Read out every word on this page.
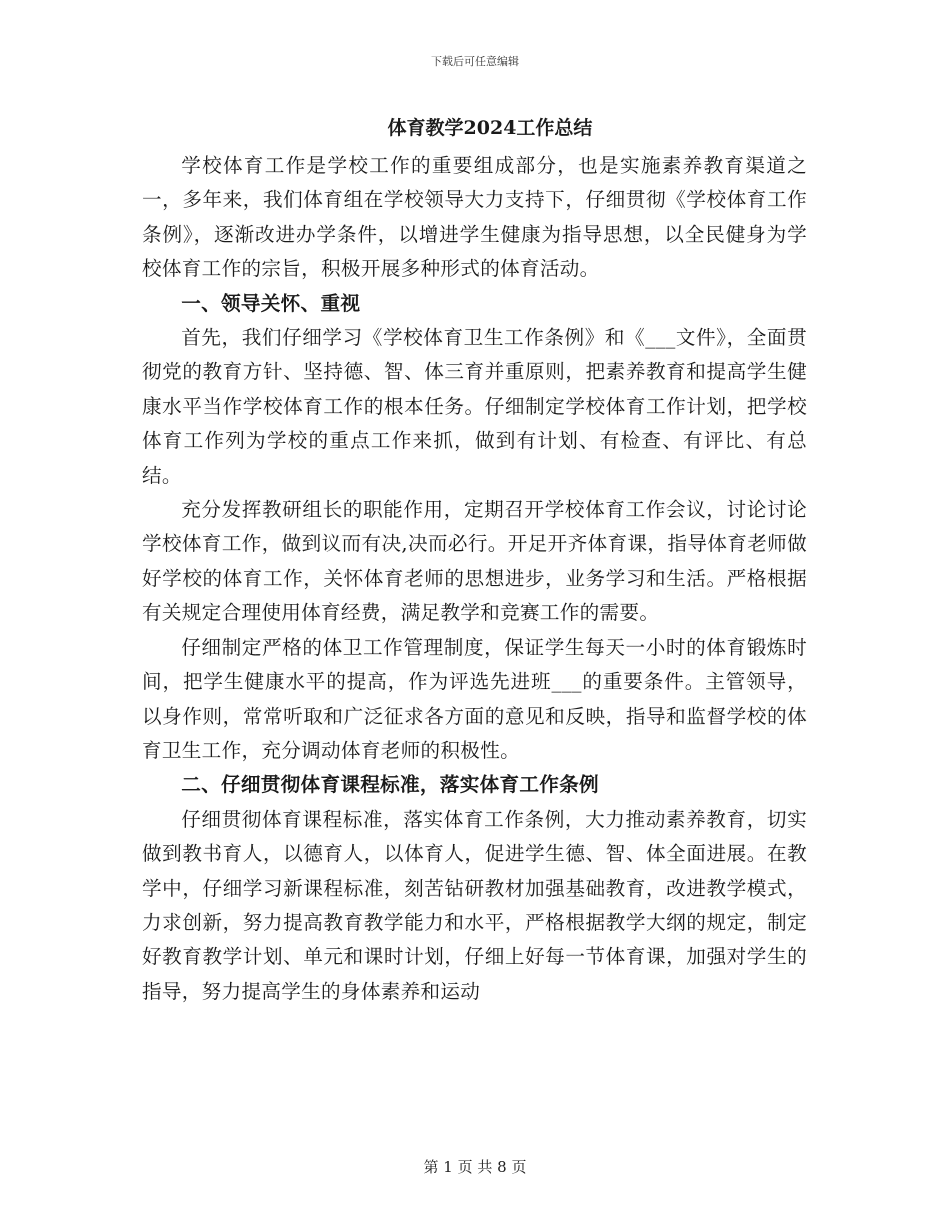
下载后可任意编辑
体育教学2024工作总结

学校体育工作是学校工作的重要组成部分，也是实施素养教育渠道之一，多年来，我们体育组在学校领导大力支持下，仔细贯彻《学校体育工作条例》，逐渐改进办学条件，以增进学生健康为指导思想，以全民健身为学校体育工作的宗旨，积极开展多种形式的体育活动。

一、领导关怀、重视

首先，我们仔细学习《学校体育卫生工作条例》和《___文件》，全面贯彻党的教育方针、坚持德、智、体三育并重原则，把素养教育和提高学生健康水平当作学校体育工作的根本任务。仔细制定学校体育工作计划，把学校体育工作列为学校的重点工作来抓，做到有计划、有检查、有评比、有总结。

充分发挥教研组长的职能作用，定期召开学校体育工作会议，讨论讨论学校体育工作，做到议而有决,决而必行。开足开齐体育课，指导体育老师做好学校的体育工作，关怀体育老师的思想进步，业务学习和生活。严格根据有关规定合理使用体育经费，满足教学和竞赛工作的需要。

仔细制定严格的体卫工作管理制度，保证学生每天一小时的体育锻炼时间，把学生健康水平的提高，作为评选先进班___的重要条件。主管领导，以身作则，常常听取和广泛征求各方面的意见和反映，指导和监督学校的体育卫生工作，充分调动体育老师的积极性。

二、仔细贯彻体育课程标准，落实体育工作条例

仔细贯彻体育课程标准，落实体育工作条例，大力推动素养教育，切实做到教书育人，以德育人，以体育人，促进学生德、智、体全面进展。在教学中，仔细学习新课程标准，刻苦钻研教材加强基础教育，改进教学模式，力求创新，努力提高教育教学能力和水平，严格根据教学大纲的规定，制定好教育教学计划、单元和课时计划，仔细上好每一节体育课，加强对学生的指导，努力提高学生的身体素养和运动

第 1 页 共 8 页
